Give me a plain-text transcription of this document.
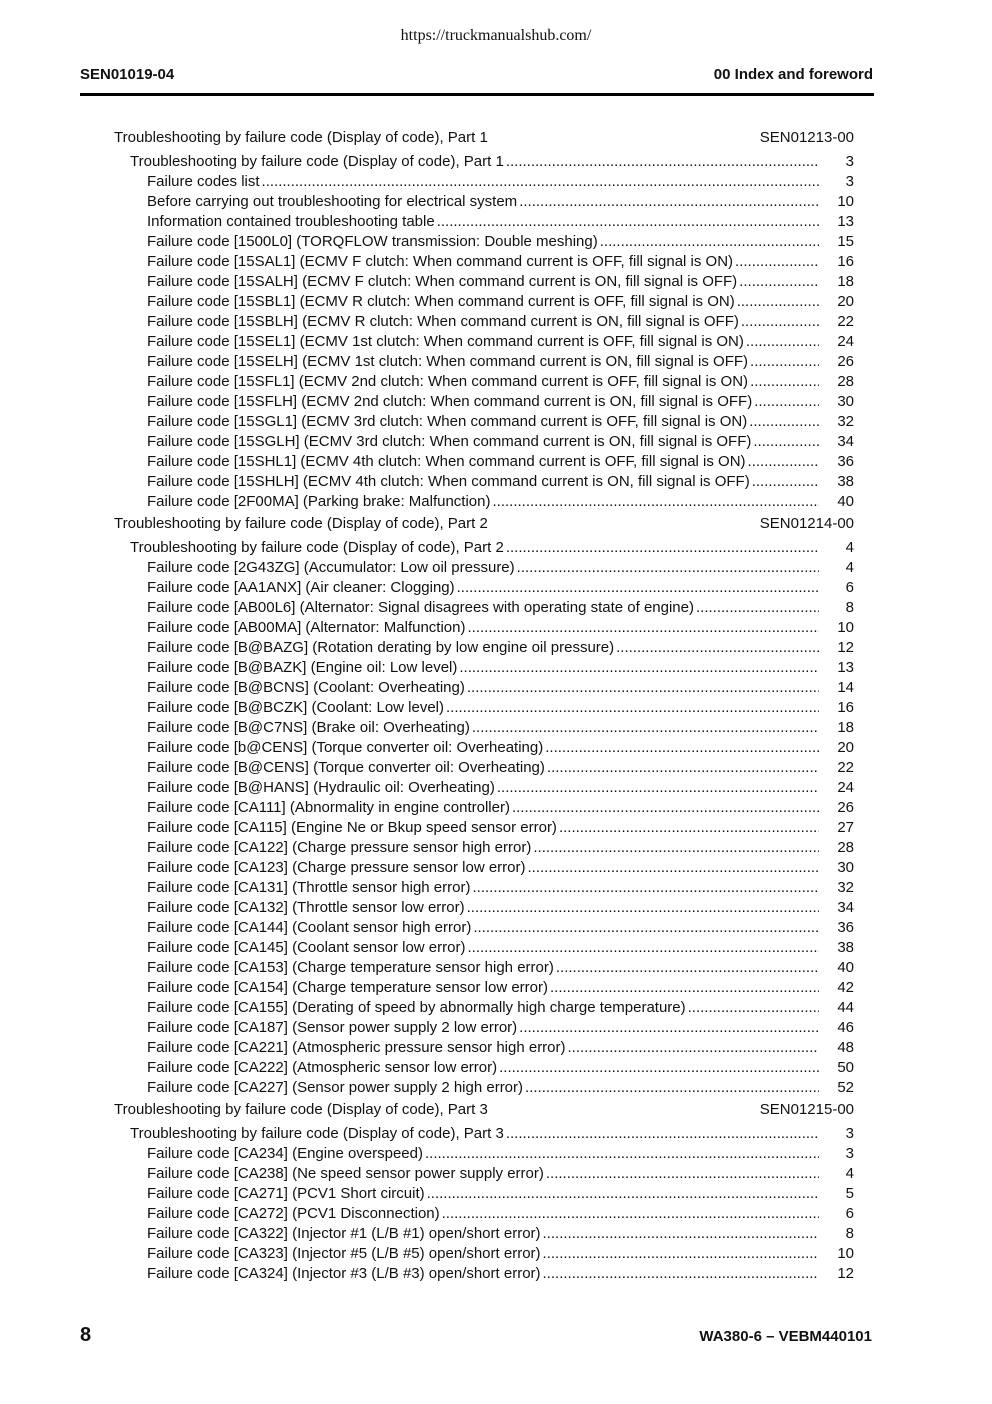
https://truckmanualshub.com/
SEN01019-04	00 Index and foreword
Troubleshooting by failure code (Display of code), Part 1	SEN01213-00
Troubleshooting by failure code (Display of code), Part 1 .....	3
Failure codes list .....	3
Before carrying out troubleshooting for electrical system .....	10
Information contained troubleshooting table .....	13
Failure code [1500L0] (TORQFLOW transmission: Double meshing) .....	15
Failure code [15SAL1] (ECMV F clutch: When command current is OFF, fill signal is ON) .....	16
Failure code [15SALH] (ECMV F clutch: When command current is ON, fill signal is OFF) .....	18
Failure code [15SBL1] (ECMV R clutch: When command current is OFF, fill signal is ON) .....	20
Failure code [15SBLH] (ECMV R clutch: When command current is ON, fill signal is OFF) .....	22
Failure code [15SEL1] (ECMV 1st clutch: When command current is OFF, fill signal is ON) .....	24
Failure code [15SELH] (ECMV 1st clutch: When command current is ON, fill signal is OFF) .....	26
Failure code [15SFL1] (ECMV 2nd clutch: When command current is OFF, fill signal is ON) .....	28
Failure code [15SFLH] (ECMV 2nd clutch: When command current is ON, fill signal is OFF) .....	30
Failure code [15SGL1] (ECMV 3rd clutch: When command current is OFF, fill signal is ON) .....	32
Failure code [15SGLH] (ECMV 3rd clutch: When command current is ON, fill signal is OFF) .....	34
Failure code [15SHL1] (ECMV 4th clutch: When command current is OFF, fill signal is ON) .....	36
Failure code [15SHLH] (ECMV 4th clutch: When command current is ON, fill signal is OFF) .....	38
Failure code [2F00MA] (Parking brake: Malfunction) .....	40
Troubleshooting by failure code (Display of code), Part 2	SEN01214-00
Troubleshooting by failure code (Display of code), Part 2 .....	4
Failure code [2G43ZG] (Accumulator: Low oil pressure) .....	4
Failure code [AA1ANX] (Air cleaner: Clogging) .....	6
Failure code [AB00L6] (Alternator: Signal disagrees with operating state of engine) .....	8
Failure code [AB00MA] (Alternator: Malfunction) .....	10
Failure code [B@BAZG] (Rotation derating by low engine oil pressure) .....	12
Failure code [B@BAZK] (Engine oil: Low level) .....	13
Failure code [B@BCNS] (Coolant: Overheating) .....	14
Failure code [B@BCZK] (Coolant: Low level) .....	16
Failure code [B@C7NS] (Brake oil: Overheating) .....	18
Failure code [b@CENS] (Torque converter oil: Overheating) .....	20
Failure code [B@CENS] (Torque converter oil: Overheating) .....	22
Failure code [B@HANS] (Hydraulic oil: Overheating) .....	24
Failure code [CA111] (Abnormality in engine controller) .....	26
Failure code [CA115] (Engine Ne or Bkup speed sensor error) .....	27
Failure code [CA122] (Charge pressure sensor high error) .....	28
Failure code [CA123] (Charge pressure sensor low error) .....	30
Failure code [CA131] (Throttle sensor high error) .....	32
Failure code [CA132] (Throttle sensor low error) .....	34
Failure code [CA144] (Coolant sensor high error) .....	36
Failure code [CA145] (Coolant sensor low error) .....	38
Failure code [CA153] (Charge temperature sensor high error) .....	40
Failure code [CA154] (Charge temperature sensor low error) .....	42
Failure code [CA155] (Derating of speed by abnormally high charge temperature) .....	44
Failure code [CA187] (Sensor power supply 2 low error) .....	46
Failure code [CA221] (Atmospheric pressure sensor high error) .....	48
Failure code [CA222] (Atmospheric sensor low error) .....	50
Failure code [CA227] (Sensor power supply 2 high error) .....	52
Troubleshooting by failure code (Display of code), Part 3	SEN01215-00
Troubleshooting by failure code (Display of code), Part 3 .....	3
Failure code [CA234] (Engine overspeed) .....	3
Failure code [CA238] (Ne speed sensor power supply error) .....	4
Failure code [CA271] (PCV1 Short circuit) .....	5
Failure code [CA272] (PCV1 Disconnection) .....	6
Failure code [CA322] (Injector #1 (L/B #1) open/short error) .....	8
Failure code [CA323] (Injector #5 (L/B #5) open/short error) .....	10
Failure code [CA324] (Injector #3 (L/B #3) open/short error) .....	12
8	WA380-6 – VEBM440101
